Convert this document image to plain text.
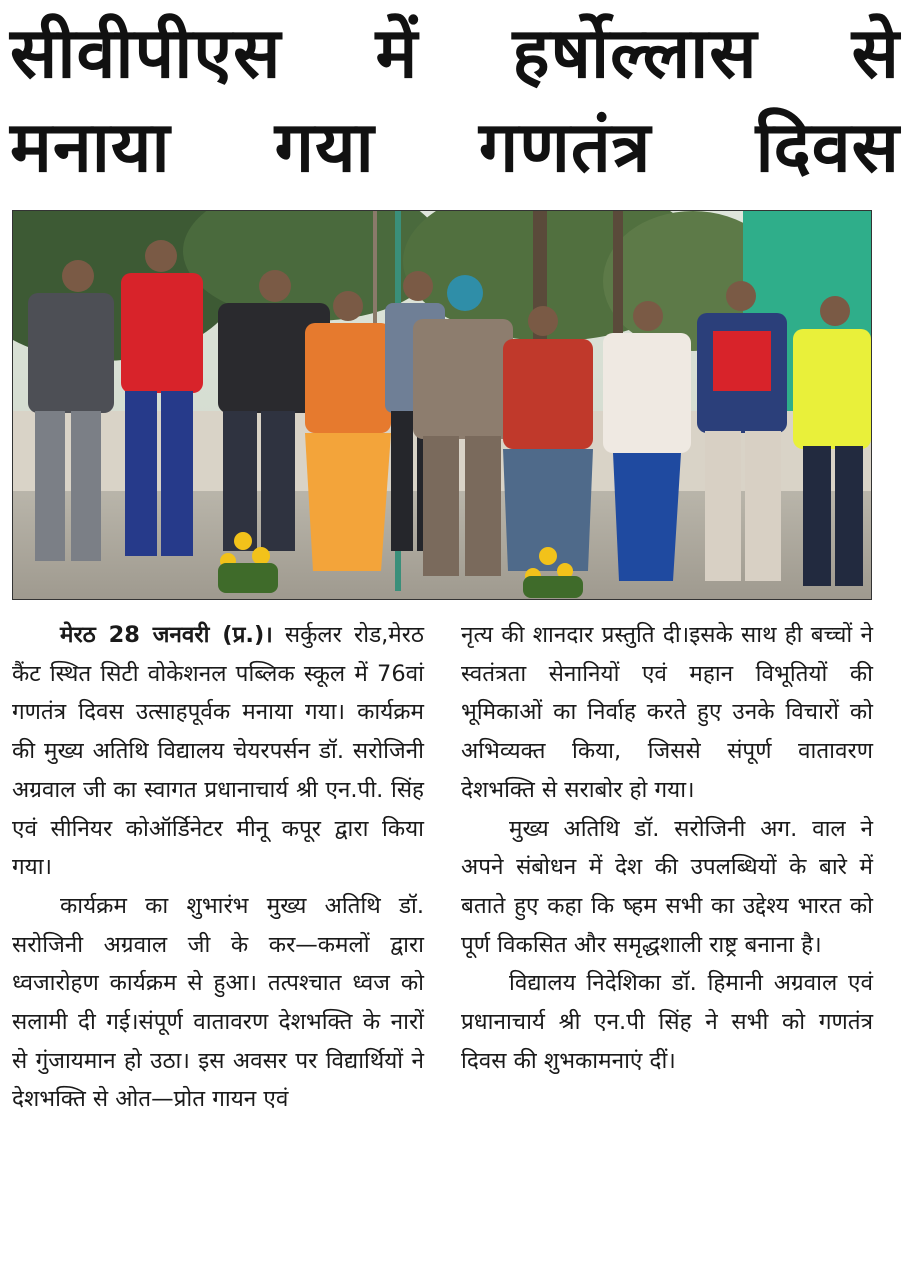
सीवीपीएस में हर्षोल्लास से
मनाया गया गणतंत्र दिवस

मेरठ 28 जनवरी (प्र.)। सर्कुलर रोड,मेरठ कैंट स्थित सिटी वोकेशनल पब्लिक स्कूल में 76वां गणतंत्र दिवस उत्साहपूर्वक मनाया गया। कार्यक्रम की मुख्य अतिथि विद्यालय चेयरपर्सन डॉ. सरोजिनी अग्रवाल जी का स्वागत प्रधानाचार्य श्री एन.पी. सिंह एवं सीनियर कोऑर्डिनेटर मीनू कपूर द्वारा किया गया।

कार्यक्रम का शुभारंभ मुख्य अतिथि डॉ. सरोजिनी अग्रवाल जी के कर—कमलों द्वारा ध्वजारोहण कार्यक्रम से हुआ। तत्पश्चात ध्वज को सलामी दी गई।संपूर्ण वातावरण देशभक्ति के नारों से गुंजायमान हो उठा। इस अवसर पर विद्यार्थियों ने देशभक्ति से ओत—प्रोत गायन एवं

नृत्य की शानदार प्रस्तुति दी।इसके साथ ही बच्चों ने स्वतंत्रता सेनानियों एवं महान विभूतियों की भूमिकाओं का निर्वाह करते हुए उनके विचारों को अभिव्यक्त किया, जिससे संपूर्ण वातावरण देशभक्ति से सराबोर हो गया।

मुख्य अतिथि डॉ. सरोजिनी अग. वाल ने अपने संबोधन में देश की उपलब्धियों के बारे में बताते हुए कहा कि ष्हम सभी का उद्देश्य भारत को पूर्ण विकसित और समृद्धशाली राष्ट्र बनाना है।

विद्यालय निदेशिका डॉ. हिमानी अग्रवाल एवं प्रधानाचार्य श्री एन.पी सिंह ने सभी को गणतंत्र दिवस की शुभकामनाएं दीं।
